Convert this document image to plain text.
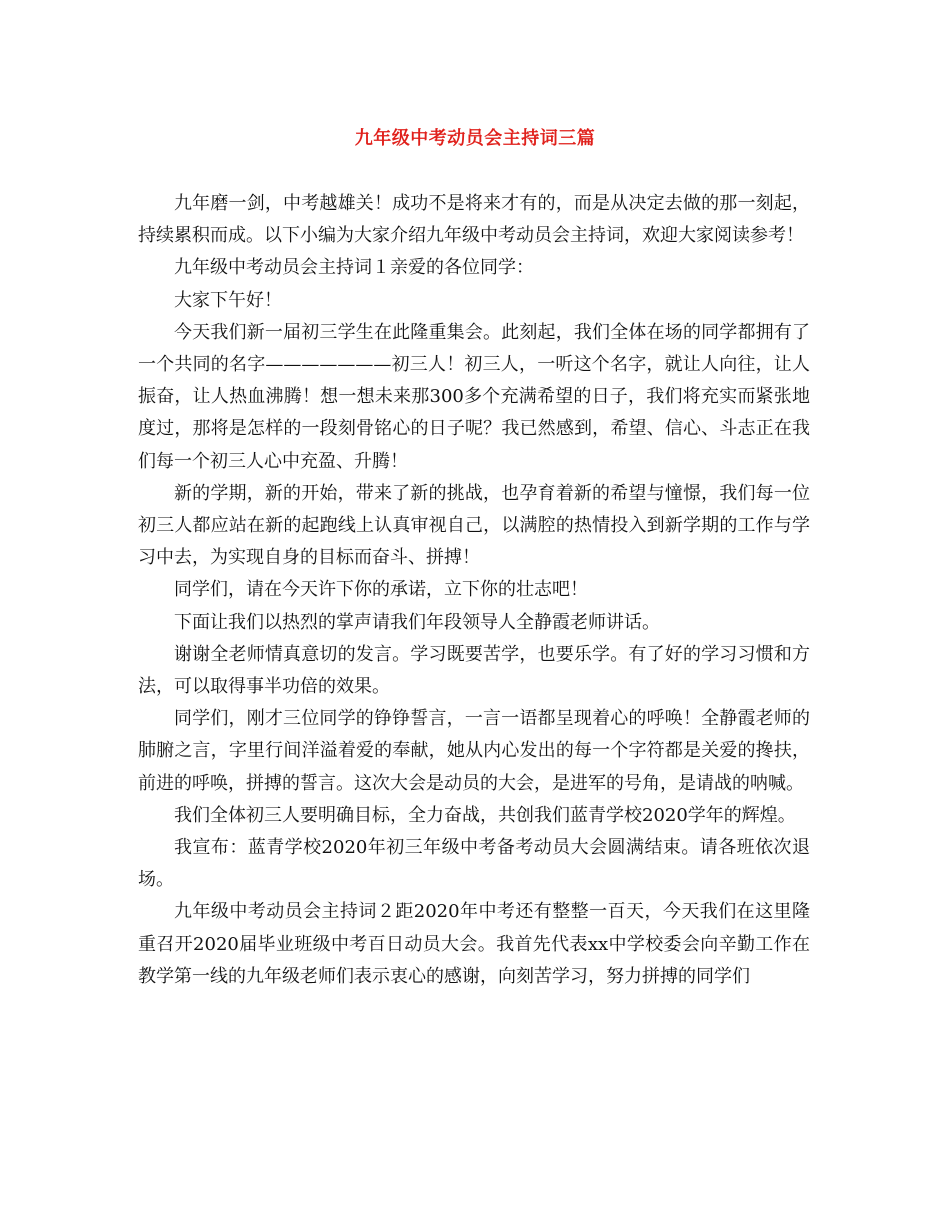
九年级中考动员会主持词三篇

九年磨一剑，中考越雄关！成功不是将来才有的，而是从决定去做的那一刻起，持续累积而成。以下小编为大家介绍九年级中考动员会主持词，欢迎大家阅读参考！

九年级中考动员会主持词１亲爱的各位同学：

大家下午好！

今天我们新一届初三学生在此隆重集会。此刻起，我们全体在场的同学都拥有了一个共同的名字———————初三人！初三人，一听这个名字，就让人向往，让人振奋，让人热血沸腾！想一想未来那300多个充满希望的日子，我们将充实而紧张地度过，那将是怎样的一段刻骨铭心的日子呢？我已然感到，希望、信心、斗志正在我们每一个初三人心中充盈、升腾！

新的学期，新的开始，带来了新的挑战，也孕育着新的希望与憧憬，我们每一位初三人都应站在新的起跑线上认真审视自己，以满腔的热情投入到新学期的工作与学习中去，为实现自身的目标而奋斗、拼搏！

同学们，请在今天许下你的承诺，立下你的壮志吧！

下面让我们以热烈的掌声请我们年段领导人全静霞老师讲话。

谢谢全老师情真意切的发言。学习既要苦学，也要乐学。有了好的学习习惯和方法，可以取得事半功倍的效果。

同学们，刚才三位同学的铮铮誓言，一言一语都呈现着心的呼唤！全静霞老师的肺腑之言，字里行间洋溢着爱的奉献，她从内心发出的每一个字符都是关爱的搀扶，前进的呼唤，拼搏的誓言。这次大会是动员的大会，是进军的号角，是请战的呐喊。

我们全体初三人要明确目标，全力奋战，共创我们蓝青学校2020学年的辉煌。

我宣布：蓝青学校2020年初三年级中考备考动员大会圆满结束。请各班依次退场。

九年级中考动员会主持词２距2020年中考还有整整一百天，今天我们在这里隆重召开2020届毕业班级中考百日动员大会。我首先代表xx中学校委会向辛勤工作在教学第一线的九年级老师们表示衷心的感谢，向刻苦学习，努力拼搏的同学们
